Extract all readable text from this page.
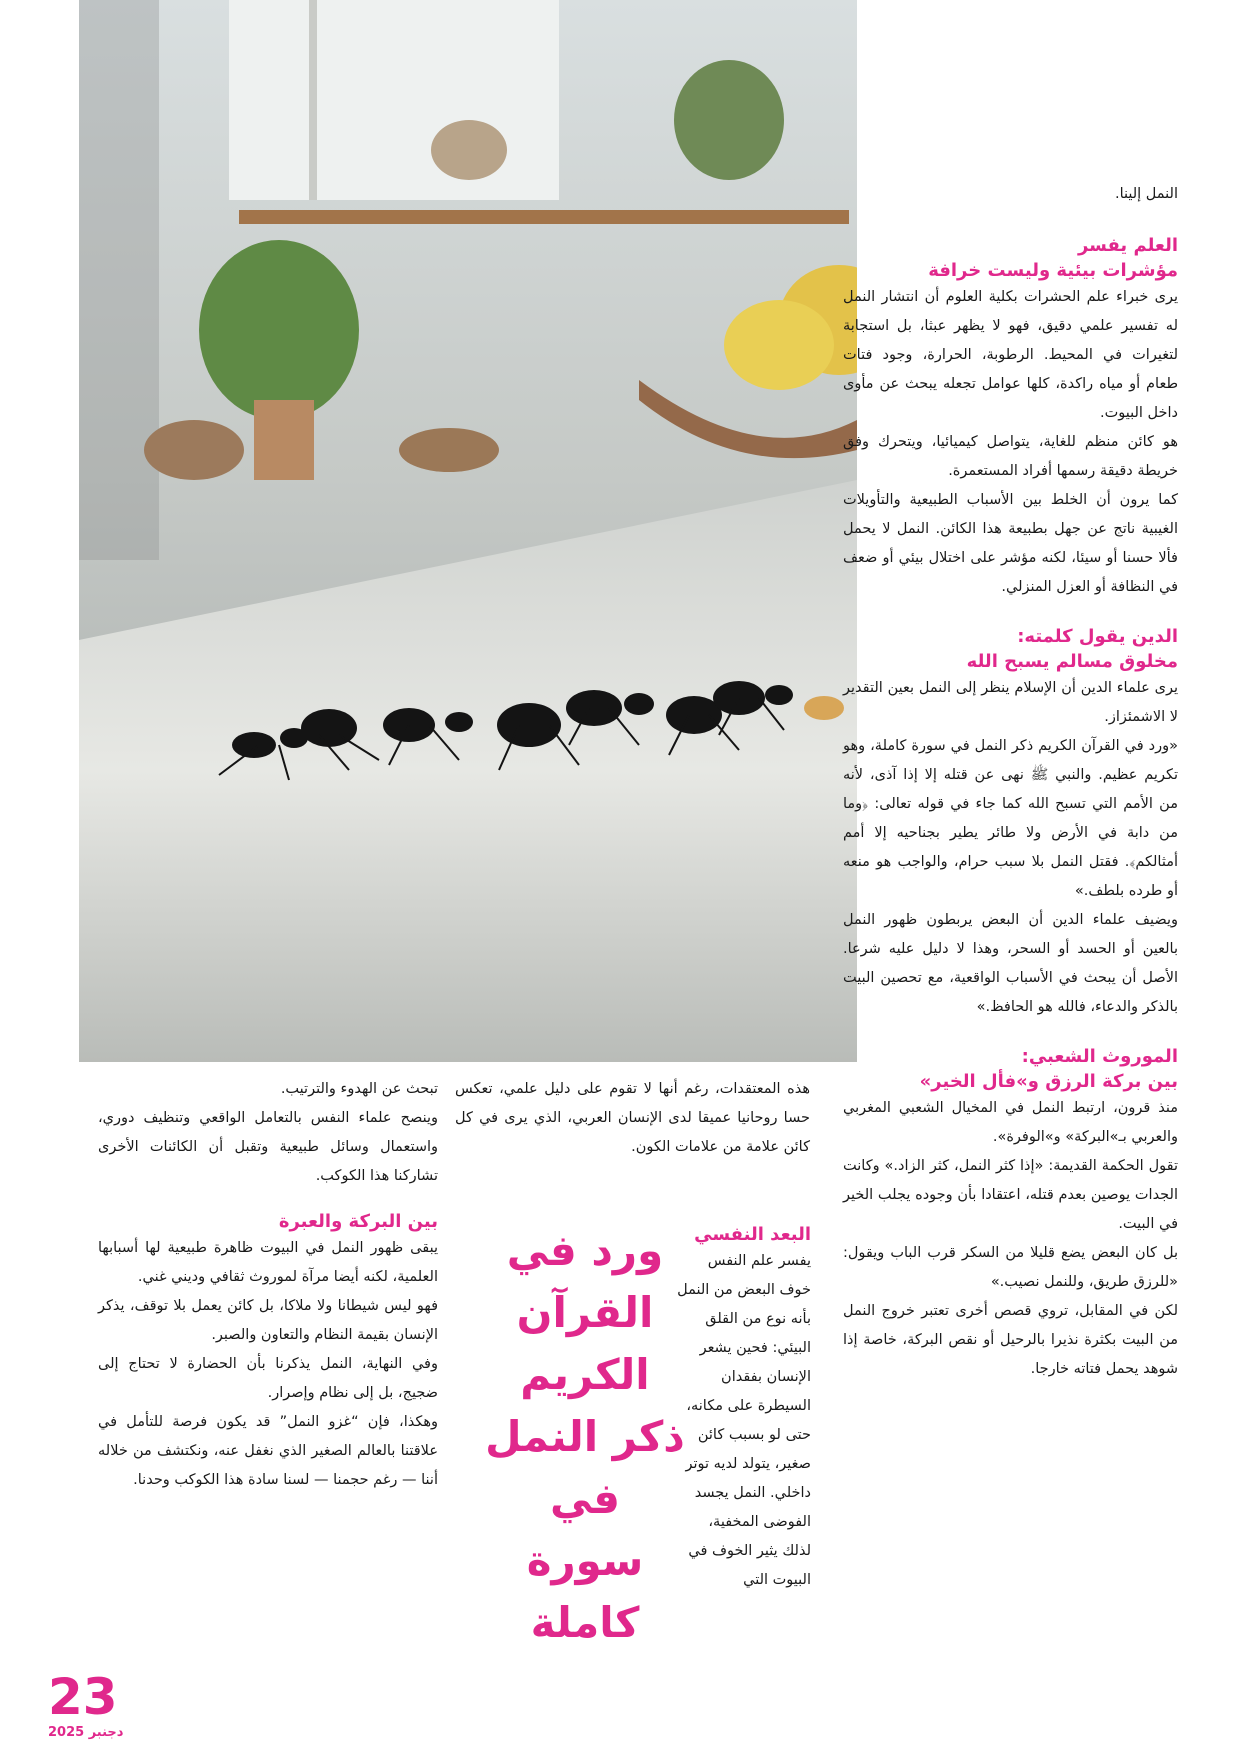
النمل إلينا.

العلم يفسر

مؤشرات بيئية وليست خرافة

يرى خبراء علم الحشرات بكلية العلوم أن انتشار النمل له تفسير علمي دقيق، فهو لا يظهر عبثا، بل استجابة لتغيرات في المحيط. الرطوبة، الحرارة، وجود فتات طعام أو مياه راكدة، كلها عوامل تجعله يبحث عن مأوى داخل البيوت.

هو كائن منظم للغاية، يتواصل كيميائيا، ويتحرك وفق خريطة دقيقة رسمها أفراد المستعمرة.

كما يرون أن الخلط بين الأسباب الطبيعية والتأويلات الغيبية ناتج عن جهل بطبيعة هذا الكائن. النمل لا يحمل فألا حسنا أو سيئا، لكنه مؤشر على اختلال بيئي أو ضعف في النظافة أو العزل المنزلي.

الدين يقول كلمته:

مخلوق مسالم يسبح الله

يرى علماء الدين أن الإسلام ينظر إلى النمل بعين التقدير لا الاشمئزاز.

«ورد في القرآن الكريم ذكر النمل في سورة كاملة، وهو تكريم عظيم. والنبي ﷺ نهى عن قتله إلا إذا آذى، لأنه من الأمم التي تسبح الله كما جاء في قوله تعالى: ﴿وما من دابة في الأرض ولا طائر يطير بجناحيه إلا أمم أمثالكم﴾. فقتل النمل بلا سبب حرام، والواجب هو منعه أو طرده بلطف.»

ويضيف علماء الدين أن البعض يربطون ظهور النمل بالعين أو الحسد أو السحر، وهذا لا دليل عليه شرعا. الأصل أن يبحث في الأسباب الواقعية، مع تحصين البيت بالذكر والدعاء، فالله هو الحافظ.»

الموروث الشعبي:

بين بركة الرزق و»فأل الخير»

منذ قرون، ارتبط النمل في المخيال الشعبي المغربي والعربي بـ»البركة» و»الوفرة».

تقول الحكمة القديمة: «إذا كثر النمل، كثر الزاد.» وكانت الجدات يوصين بعدم قتله، اعتقادا بأن وجوده يجلب الخير في البيت.

بل كان البعض يضع قليلا من السكر قرب الباب ويقول: «للرزق طريق، وللنمل نصيب.»

لكن في المقابل، تروي قصص أخرى تعتبر خروج النمل من البيت بكثرة نذيرا بالرحيل أو نقص البركة، خاصة إذا شوهد يحمل فتاته خارجا.

هذه المعتقدات، رغم أنها لا تقوم على دليل علمي، تعكس حسا روحانيا عميقا لدى الإنسان العربي، الذي يرى في كل كائن علامة من علامات الكون.

البعد النفسي

يفسر علم النفس خوف البعض من النمل بأنه نوع من القلق البيئي: فحين يشعر الإنسان بفقدان السيطرة على مكانه، حتى لو بسبب كائن صغير، يتولد لديه توتر داخلي. النمل يجسد الفوضى المخفية، لذلك يثير الخوف في البيوت التي

ورد في القرآن الكريم ذكر النمل في سورة كاملة

تبحث عن الهدوء والترتيب.

وينصح علماء النفس بالتعامل الواقعي وتنظيف دوري، واستعمال وسائل طبيعية وتقبل أن الكائنات الأخرى تشاركنا هذا الكوكب.

بين البركة والعبرة

يبقى ظهور النمل في البيوت ظاهرة طبيعية لها أسبابها العلمية، لكنه أيضا مرآة لموروث ثقافي وديني غني.

فهو ليس شيطانا ولا ملاكا، بل كائن يعمل بلا توقف، يذكر الإنسان بقيمة النظام والتعاون والصبر.

وفي النهاية، النمل يذكرنا بأن الحضارة لا تحتاج إلى ضجيج، بل إلى نظام وإصرار.

وهكذا، فإن “غزو النمل” قد يكون فرصة للتأمل في علاقتنا بالعالم الصغير الذي نغفل عنه، ونكتشف من خلاله أننا — رغم حجمنا — لسنا سادة هذا الكوكب وحدنا.

23
دجنبر 2025
